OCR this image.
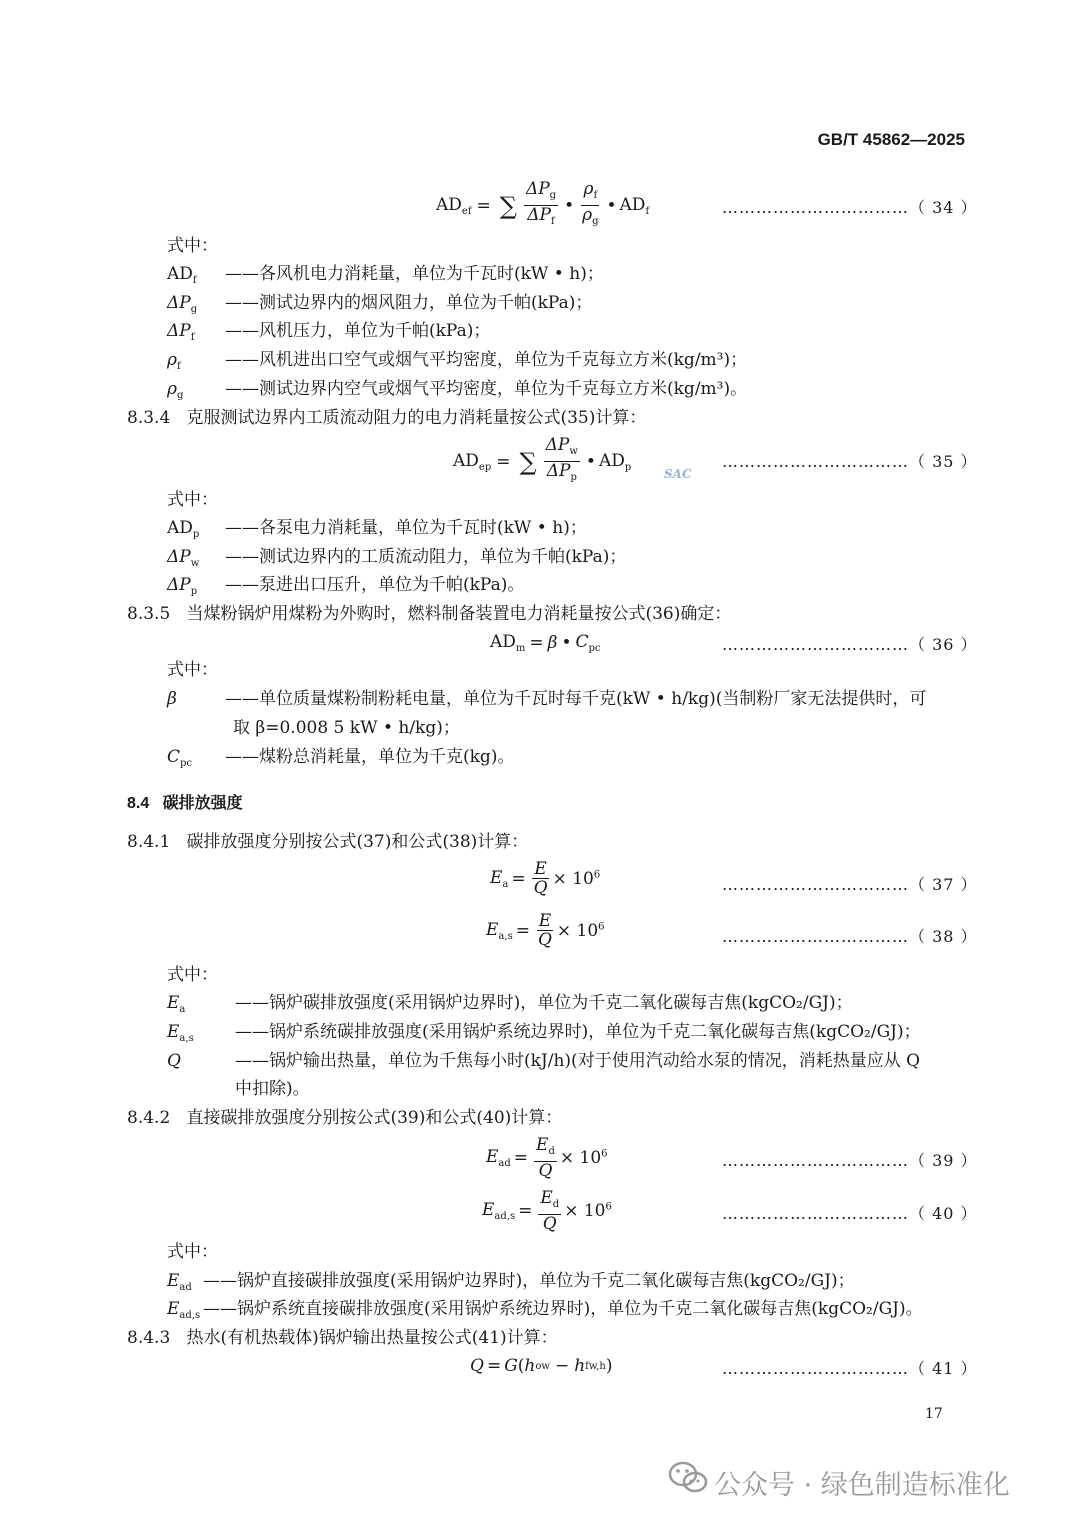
GB/T 45862—2025
$AD_{ef}$ = ∑ $\frac{\Delta P_g}{\Delta P_f}$ • $\frac{\rho_f}{\rho_g}$ • $AD_f$	……………………………（ 34 ）
式中：
$AD_f$ ——各风机电力消耗量，单位为千瓦时(kW • h)；
$\Delta P_g$ ——测试边界内的烟风阻力，单位为千帕(kPa)；
$\Delta P_f$ ——风机压力，单位为千帕(kPa)；
$\rho_f$	——风机进出口空气或烟气平均密度，单位为千克每立方米(kg/m³)；
$\rho_g$ ——测试边界内空气或烟气平均密度，单位为千克每立方米(kg/m³)。
8.3.4 克服测试边界内工质流动阻力的电力消耗量按公式(35)计算：
$AD_{ep}$ = ∑ $\frac{\Delta P_w}{\Delta P_p}$ • $AD_p$	SAC
……………………………（ 35 ）
式中：
$AD_p$ ——各泵电力消耗量，单位为千瓦时(kW • h)；
$\Delta P_w$ ——测试边界内的工质流动阻力，单位为千帕(kPa)；
$\Delta P_p$ ——泵进出口压升，单位为千帕(kPa)。
8.3.5 当煤粉锅炉用煤粉为外购时，燃料制备装置电力消耗量按公式(36)确定：
$AD_m = \beta$ • $C_{pc}$	……………………………（ 36 ）
式中：
β	——单位质量煤粉制粉耗电量，单位为千瓦时每千克(kW • h/kg)(当制粉厂家无法提供时，可
取 β=0.008 5 kW • h/kg)；
$C_{pc}$ ——煤粉总消耗量，单位为千克(kg)。
8.4 碳排放强度
8.4.1 碳排放强度分别按公式(37)和公式(38)计算：
$E_a = \frac{E}{Q} \times 10^6$
……………………………（ 37 ）
$E_{a,s} = \frac{E}{Q} \times 10^6$
……………………………（ 38 ）
式中：
$E_a$	——锅炉碳排放强度(采用锅炉边界时)，单位为千克二氧化碳每吉焦(kgCO₂/GJ)；
$E_{a,s}$ ——锅炉系统碳排放强度(采用锅炉系统边界时)，单位为千克二氧化碳每吉焦(kgCO₂/GJ)；
Q	——锅炉输出热量，单位为千焦每小时(kJ/h)(对于使用汽动给水泵的情况，消耗热量应从 Q
中扣除)。
8.4.2 直接碳排放强度分别按公式(39)和公式(40)计算：
$E_{ad} = \frac{E_d}{Q} \times 10^6$	……………………………（ 39 ）
$E_{ad,s} = \frac{E_d}{Q} \times 10^6$	……………………………（ 40 ）
式中：
$E_{ad}$ ——锅炉直接碳排放强度(采用锅炉边界时)，单位为千克二氧化碳每吉焦(kgCO₂/GJ)；
$E_{ad,s}$ ——锅炉系统直接碳排放强度(采用锅炉系统边界时)，单位为千克二氧化碳每吉焦(kgCO₂/GJ)。
8.4.3 热水(有机热载体)锅炉输出热量按公式(41)计算：
Q = G ( h ow − h fw,h )	……………………………（ 41 ）
17
公众号 · 绿色制造标准化
